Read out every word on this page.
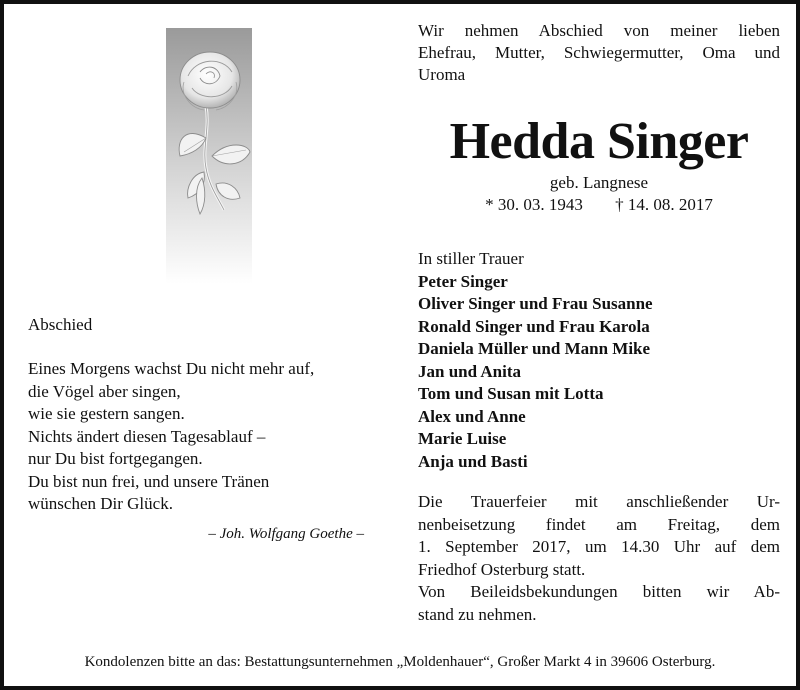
Wir nehmen Abschied von meiner lieben
Ehefrau, Mutter, Schwiegermutter, Oma und
Uroma
Hedda Singer
geb. Langnese
* 30. 03. 1943 † 14. 08. 2017
In stiller Trauer
Peter Singer
Oliver Singer und Frau Susanne
Ronald Singer und Frau Karola
Daniela Müller und Mann Mike
Jan und Anita
Tom und Susan mit Lotta
Alex und Anne
Marie Luise
Anja und Basti
Die Trauerfeier mit anschließender Ur-
nenbeisetzung findet am Freitag, dem
1. September 2017, um 14.30 Uhr auf dem
Friedhof Osterburg statt.
Von Beileidsbekundungen bitten wir Ab-
stand zu nehmen.
Abschied
Eines Morgens wachst Du nicht mehr auf,
die Vögel aber singen,
wie sie gestern sangen.
Nichts ändert diesen Tagesablauf –
nur Du bist fortgegangen.
Du bist nun frei, und unsere Tränen
wünschen Dir Glück.
– Joh. Wolfgang Goethe –
Kondolenzen bitte an das: Bestattungsunternehmen „Moldenhauer“, Großer Markt 4 in 39606 Osterburg.
